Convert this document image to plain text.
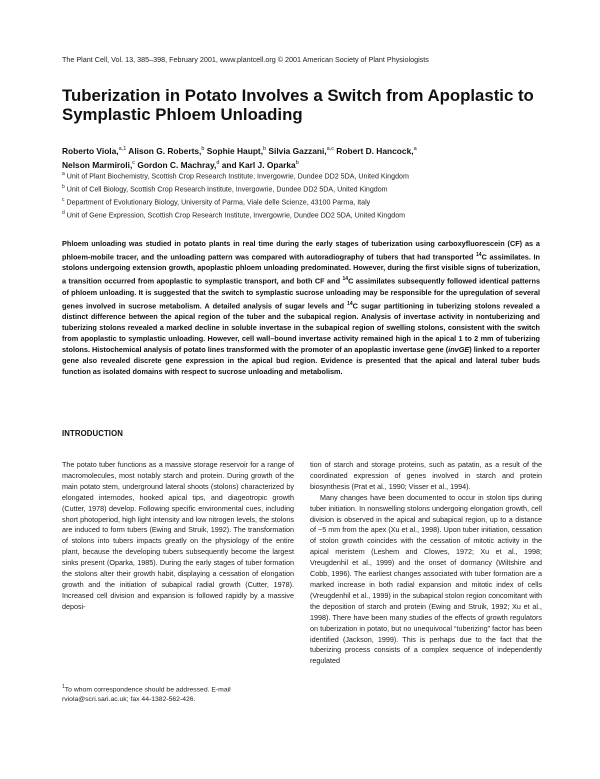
The Plant Cell, Vol. 13, 385–398, February 2001, www.plantcell.org © 2001 American Society of Plant Physiologists
Tuberization in Potato Involves a Switch from Apoplastic to Symplastic Phloem Unloading
Roberto Viola,$^{a,1}$ Alison G. Roberts,$^b$ Sophie Haupt,$^b$ Silvia Gazzani,$^{a,c}$ Robert D. Hancock,$^a$
Nelson Marmiroli,$^c$ Gordon C. Machray,$^d$ and Karl J. Oparka$^b$
$^a$ Unit of Plant Biochemistry, Scottish Crop Research Institute, Invergowrie, Dundee DD2 5DA, United Kingdom
$^b$ Unit of Cell Biology, Scottish Crop Research Institute, Invergowrie, Dundee DD2 5DA, United Kingdom
$^c$ Department of Evolutionary Biology, University of Parma, Viale delle Scienze, 43100 Parma, Italy
$^d$ Unit of Gene Expression, Scottish Crop Research Institute, Invergowrie, Dundee DD2 5DA, United Kingdom
Phloem unloading was studied in potato plants in real time during the early stages of tuberization using carboxyfluorescein (CF) as a phloem-mobile tracer, and the unloading pattern was compared with autoradiography of tubers that had transported $^{14}$C assimilates. In stolons undergoing extension growth, apoplastic phloem unloading predominated. However, during the first visible signs of tuberization, a transition occurred from apoplastic to symplastic transport, and both CF and $^{14}$C assimilates subsequently followed identical patterns of phloem unloading. It is suggested that the switch to symplastic sucrose unloading may be responsible for the upregulation of several genes involved in sucrose metabolism. A detailed analysis of sugar levels and $^{14}$C sugar partitioning in tuberizing stolons revealed a distinct difference between the apical region of the tuber and the subapical region. Analysis of invertase activity in nontuberizing and tuberizing stolons revealed a marked decline in soluble invertase in the subapical region of swelling stolons, consistent with the switch from apoplastic to symplastic unloading. However, cell wall–bound invertase activity remained high in the apical 1 to 2 mm of tuberizing stolons. Histochemical analysis of potato lines transformed with the promoter of an apoplastic invertase gene (invGE) linked to a reporter gene also revealed discrete gene expression in the apical bud region. Evidence is presented that the apical and lateral tuber buds function as isolated domains with respect to sucrose unloading and metabolism.
INTRODUCTION

The potato tuber functions as a massive storage reservoir for a range of macromolecules, most notably starch and protein. During growth of the main potato stem, underground lateral shoots (stolons) characterized by elongated internodes, hooked apical tips, and diageotropic growth (Cutter, 1978) develop. Following specific environmental cues, including short photoperiod, high light intensity and low nitrogen levels, the stolons are induced to form tubers (Ewing and Struik, 1992). The transformation of stolons into tubers impacts greatly on the physiology of the entire plant, because the developing tubers subsequently become the largest sinks present (Oparka, 1985). During the early stages of tuber formation the stolons alter their growth habit, displaying a cessation of elongation growth and the initiation of subapical radial growth (Cutter, 1978). Increased cell division and expansion is followed rapidly by a massive deposi-

tion of starch and storage proteins, such as patatin, as a result of the coordinated expression of genes involved in starch and protein biosynthesis (Prat et al., 1990; Visser et al., 1994).

Many changes have been documented to occur in stolon tips during tuber initiation. In nonswelling stolons undergoing elongation growth, cell division is observed in the apical and subapical region, up to a distance of ~5 mm from the apex (Xu et al., 1998). Upon tuber initiation, cessation of stolon growth coincides with the cessation of mitotic activity in the apical meristem (Leshem and Clowes, 1972; Xu et al., 1998; Vreugdenhil et al., 1999) and the onset of dormancy (Wiltshire and Cobb, 1996). The earliest changes associated with tuber formation are a marked increase in both radial expansion and mitotic index of cells (Vreugdenhil et al., 1999) in the subapical stolon region concomitant with the deposition of starch and protein (Ewing and Struik, 1992; Xu et al., 1998). There have been many studies of the effects of growth regulators on tuberization in potato, but no unequivocal “tuberizing” factor has been identified (Jackson, 1999). This is perhaps due to the fact that the tuberizing process consists of a complex sequence of independently regulated

$^1$To whom correspondence should be addressed. E-mail rviola@scri.sari.ac.uk; fax 44-1382-562-426.
